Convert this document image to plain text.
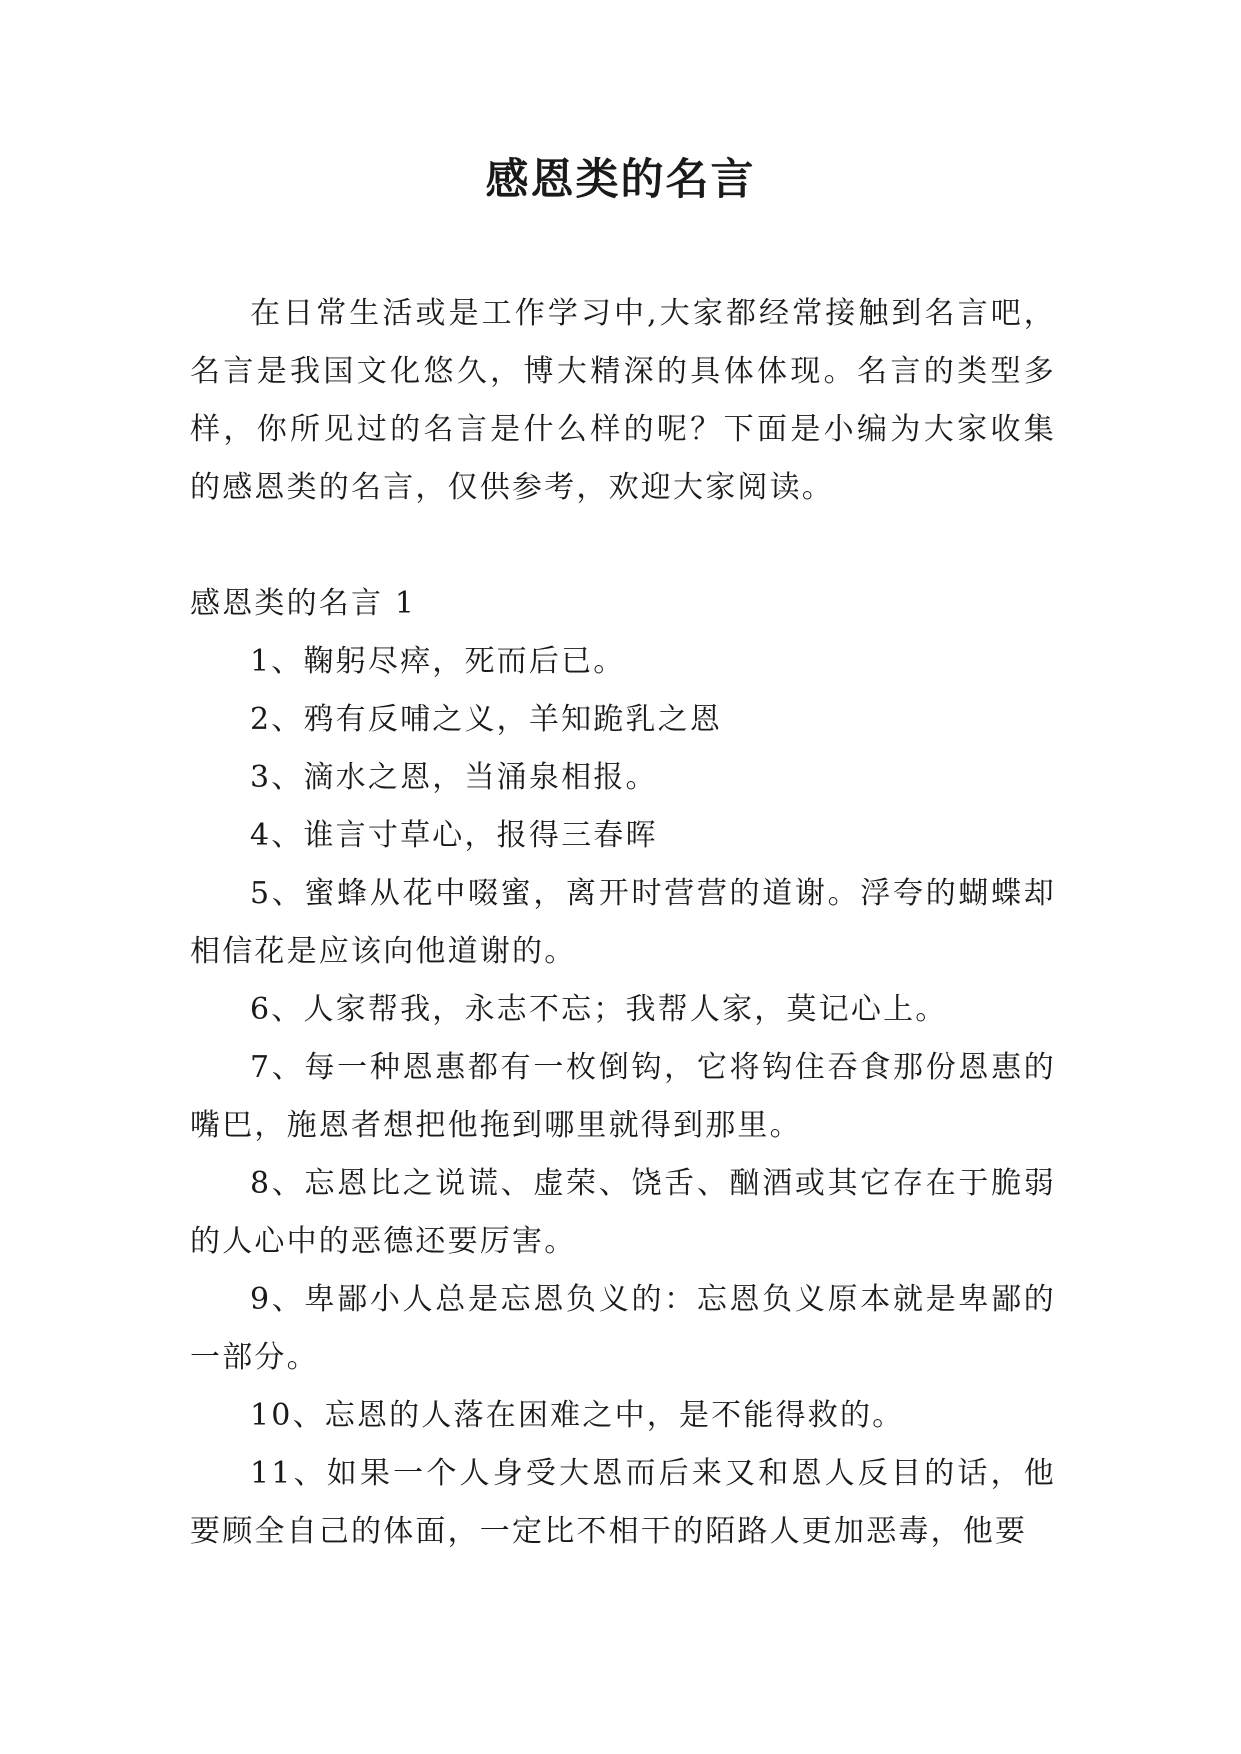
感恩类的名言

在日常生活或是工作学习中,大家都经常接触到名言吧，名言是我国文化悠久，博大精深的具体体现。名言的类型多样，你所见过的名言是什么样的呢？下面是小编为大家收集的感恩类的名言，仅供参考，欢迎大家阅读。

感恩类的名言 1

1、鞠躬尽瘁，死而后已。
2、鸦有反哺之义，羊知跪乳之恩
3、滴水之恩，当涌泉相报。
4、谁言寸草心，报得三春晖
5、蜜蜂从花中啜蜜，离开时营营的道谢。浮夸的蝴蝶却相信花是应该向他道谢的。
6、人家帮我，永志不忘；我帮人家，莫记心上。
7、每一种恩惠都有一枚倒钩，它将钩住吞食那份恩惠的嘴巴，施恩者想把他拖到哪里就得到那里。
8、忘恩比之说谎、虚荣、饶舌、酗酒或其它存在于脆弱的人心中的恶德还要厉害。
9、卑鄙小人总是忘恩负义的：忘恩负义原本就是卑鄙的一部分。
10、忘恩的人落在困难之中，是不能得救的。
11、如果一个人身受大恩而后来又和恩人反目的话，他要顾全自己的体面，一定比不相干的陌路人更加恶毒，他要
